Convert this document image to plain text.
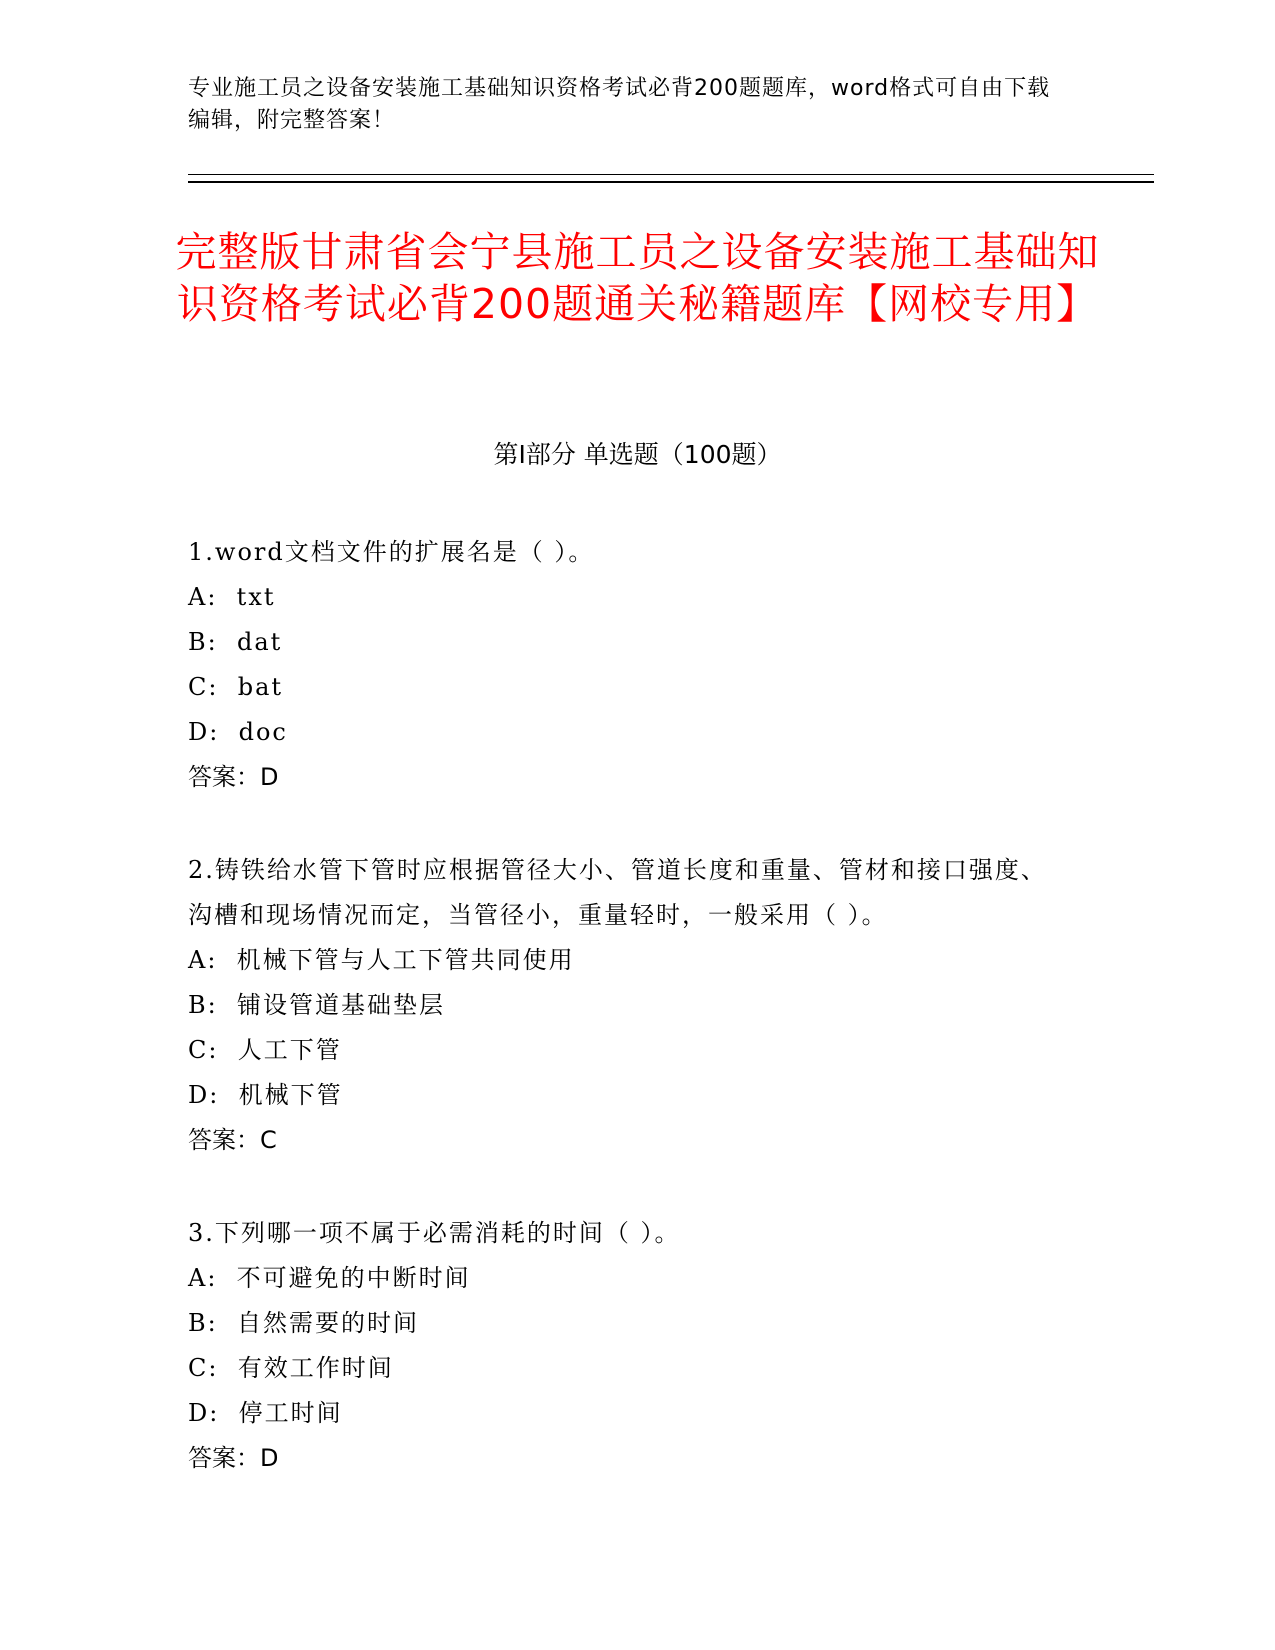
专业施工员之设备安装施工基础知识资格考试必背200题题库，word格式可自由下载编辑，附完整答案！
完整版甘肃省会宁县施工员之设备安装施工基础知识资格考试必背200题通关秘籍题库【网校专用】
第Ⅰ部分 单选题（100题）

1.word文档文件的扩展名是（ ）。

A:  txt

B:  dat

C:  bat

D:  doc

答案：D

2.铸铁给水管下管时应根据管径大小、管道长度和重量、管材和接口强度、沟槽和现场情况而定，当管径小，重量轻时，一般采用（ ）。

A:  机械下管与人工下管共同使用

B:  铺设管道基础垫层

C:  人工下管

D:  机械下管

答案：C

3.下列哪一项不属于必需消耗的时间（ ）。

A:  不可避免的中断时间

B:  自然需要的时间

C:  有效工作时间

D:  停工时间

答案：D
